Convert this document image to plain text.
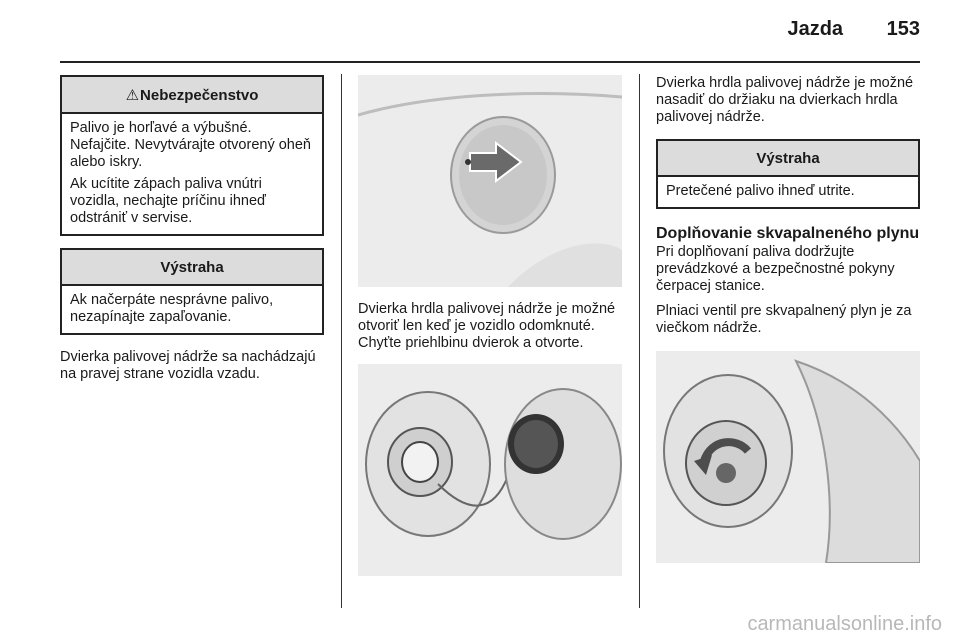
Jazda 153
⚠Nebezpečenstvo

Palivo je horľavé a výbušné. Nefajčite. Nevytvárajte otvorený oheň alebo iskry.

Ak ucítite zápach paliva vnútri vozidla, nechajte príčinu ihneď odstrániť v servise.

Výstraha

Ak načerpáte nesprávne palivo, nezapínajte zapaľovanie.

Dvierka palivovej nádrže sa nachádzajú na pravej strane vozidla vzadu.

Dvierka hrdla palivovej nádrže je možné otvoriť len keď je vozidlo odomknuté. Chyťte priehlbinu dvierok a otvorte.

Dvierka hrdla palivovej nádrže je možné nasadiť do držiaku na dvierkach hrdla palivovej nádrže.

Výstraha

Pretečené palivo ihneď utrite.

Doplňovanie skvapalneného plynu

Pri doplňovaní paliva dodržujte prevádzkové a bezpečnostné pokyny čerpacej stanice.

Plniaci ventil pre skvapalnený plyn je za viečkom nádrže.

carmanualsonline.info
